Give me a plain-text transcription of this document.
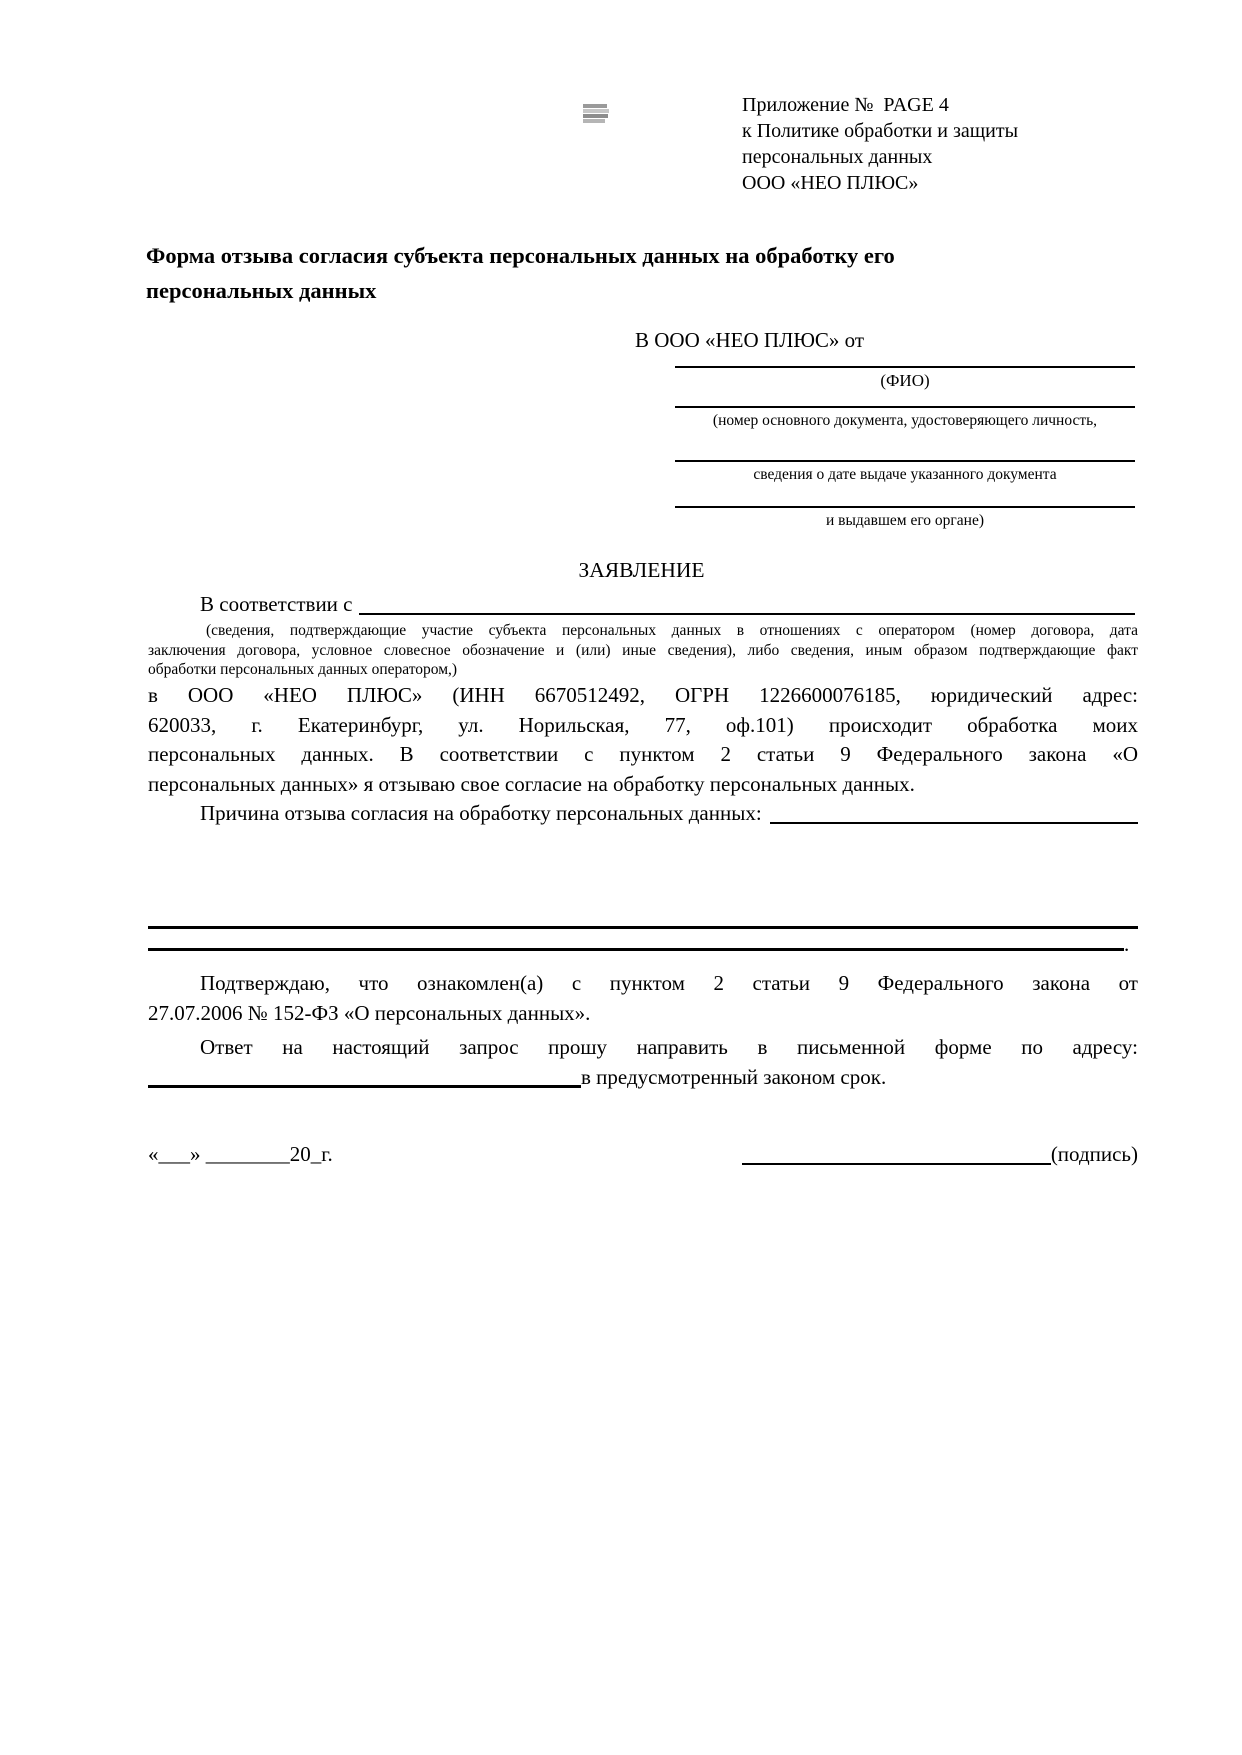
Приложение №  PAGE 4
к Политике обработки и защиты
персональных данных
ООО «НЕО ПЛЮС»
Форма отзыва согласия субъекта персональных данных на обработку его
персональных данных
В ООО «НЕО ПЛЮС» от
(ФИО)
(номер основного документа, удостоверяющего личность,
сведения о дате выдаче указанного документа
и выдавшем его органе)
ЗАЯВЛЕНИЕ
В соответствии с
(сведения, подтверждающие участие субъекта персональных данных в отношениях с оператором (номер договора, дата
заключения договора, условное словесное обозначение и (или) иные сведения), либо сведения, иным образом подтверждающие факт
обработки персональных данных оператором,)
в ООО «НЕО ПЛЮС» (ИНН 6670512492, ОГРН 1226600076185, юридический адрес:
620033, г. Екатеринбург, ул. Норильская, 77, оф.101) происходит обработка моих
персональных данных. В соответствии с пунктом 2 статьи 9 Федерального закона «О
персональных данных» я отзываю свое согласие на обработку персональных данных.
Причина отзыва согласия на обработку персональных данных:
.
Подтверждаю, что ознакомлен(а) с пунктом 2 статьи 9 Федерального закона от
27.07.2006 № 152-ФЗ «О персональных данных».
Ответ на настоящий запрос прошу направить в письменной форме по адресу:
в предусмотренный законом срок.
«___» ________20_г.	(подпись)
